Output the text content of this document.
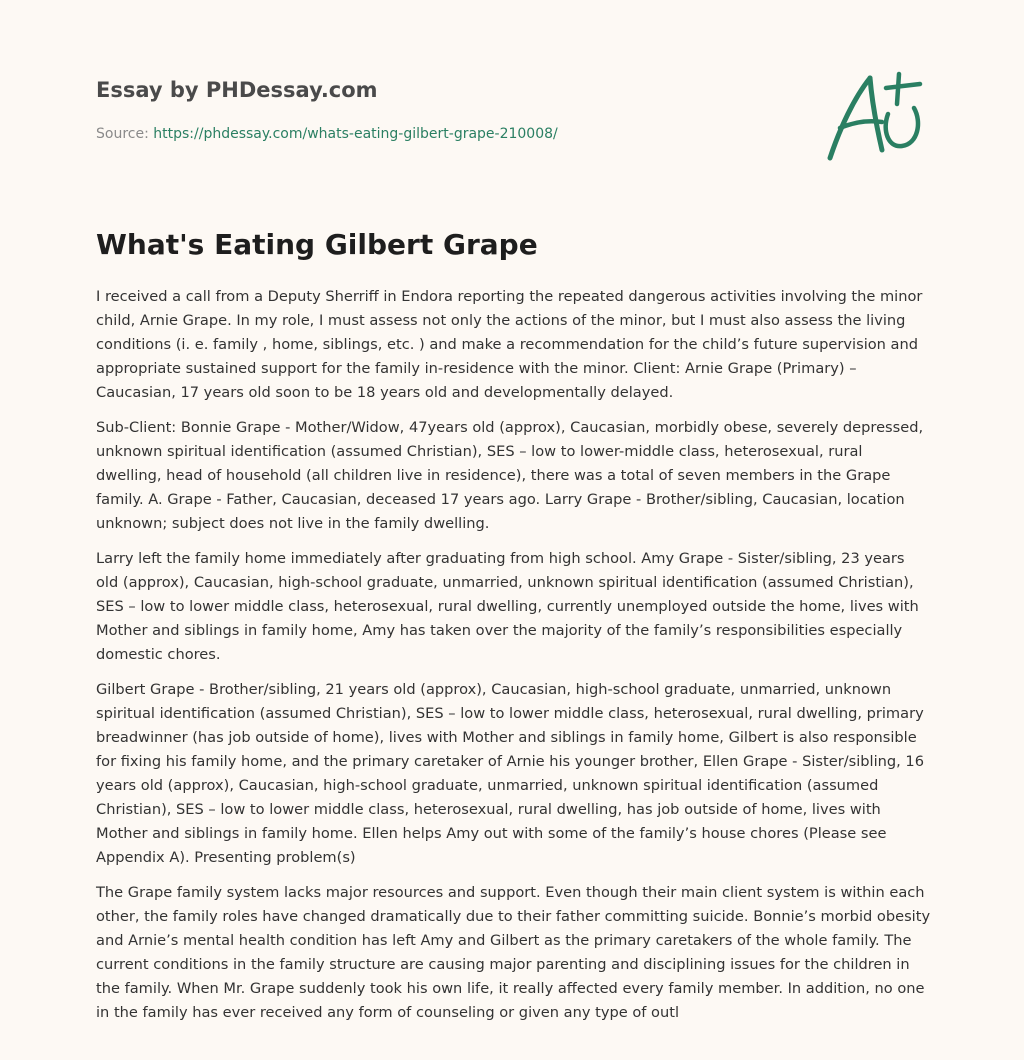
Essay by PHDessay.com
Source: https://phdessay.com/whats-eating-gilbert-grape-210008/
What's Eating Gilbert Grape

I received a call from a Deputy Sherriff in Endora reporting the repeated dangerous activities involving the minor child, Arnie Grape. In my role, I must assess not only the actions of the minor, but I must also assess the living conditions (i. e. family , home, siblings, etc. ) and make a recommendation for the child’s future supervision and appropriate sustained support for the family in-residence with the minor. Client: Arnie Grape (Primary) – Caucasian, 17 years old soon to be 18 years old and developmentally delayed.

Sub-Client: Bonnie Grape - Mother/Widow, 47years old (approx), Caucasian, morbidly obese, severely depressed, unknown spiritual identification (assumed Christian), SES – low to lower-middle class, heterosexual, rural dwelling, head of household (all children live in residence), there was a total of seven members in the Grape family. A. Grape - Father, Caucasian, deceased 17 years ago. Larry Grape - Brother/sibling, Caucasian, location unknown; subject does not live in the family dwelling.

Larry left the family home immediately after graduating from high school. Amy Grape - Sister/sibling, 23 years old (approx), Caucasian, high-school graduate, unmarried, unknown spiritual identification (assumed Christian), SES – low to lower middle class, heterosexual, rural dwelling, currently unemployed outside the home, lives with Mother and siblings in family home, Amy has taken over the majority of the family’s responsibilities especially domestic chores.

Gilbert Grape - Brother/sibling, 21 years old (approx), Caucasian, high-school graduate, unmarried, unknown spiritual identification (assumed Christian), SES – low to lower middle class, heterosexual, rural dwelling, primary breadwinner (has job outside of home), lives with Mother and siblings in family home, Gilbert is also responsible for fixing his family home, and the primary caretaker of Arnie his younger brother, Ellen Grape - Sister/sibling, 16 years old (approx), Caucasian, high-school graduate, unmarried, unknown spiritual identification (assumed Christian), SES – low to lower middle class, heterosexual, rural dwelling, has job outside of home, lives with Mother and siblings in family home. Ellen helps Amy out with some of the family’s house chores (Please see Appendix A). Presenting problem(s)

The Grape family system lacks major resources and support. Even though their main client system is within each other, the family roles have changed dramatically due to their father committing suicide. Bonnie’s morbid obesity and Arnie’s mental health condition has left Amy and Gilbert as the primary caretakers of the whole family. The current conditions in the family structure are causing major parenting and disciplining issues for the children in the family. When Mr. Grape suddenly took his own life, it really affected every family member. In addition, no one in the family has ever received any form of counseling or given any type of outl
